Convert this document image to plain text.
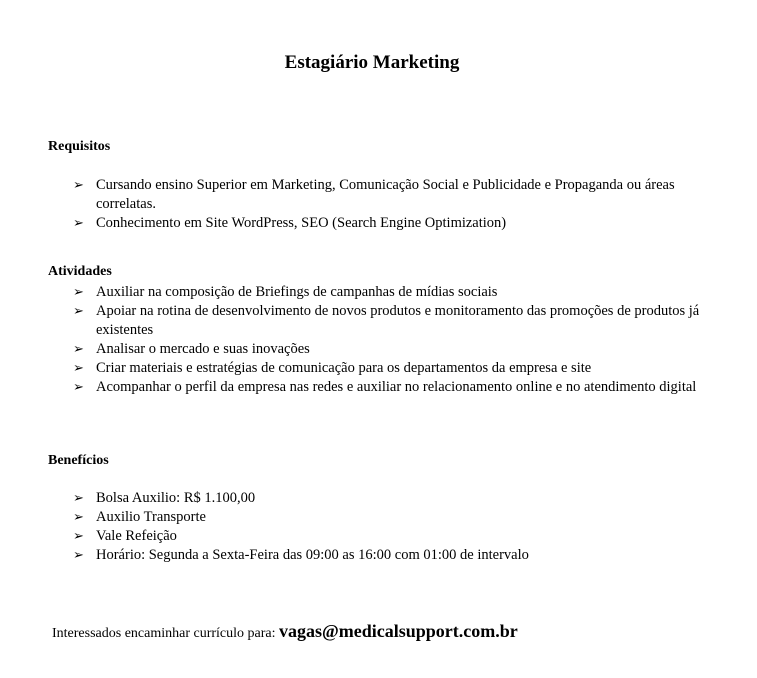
Estagiário Marketing
Requisitos
➢ Cursando ensino Superior em Marketing, Comunicação Social e Publicidade e Propaganda ou áreas correlatas.
➢ Conhecimento em Site WordPress, SEO (Search Engine Optimization)
Atividades
➢ Auxiliar na composição de Briefings de campanhas de mídias sociais
➢ Apoiar na rotina de desenvolvimento de novos produtos e monitoramento das promoções de produtos já existentes
➢ Analisar o mercado e suas inovações
➢ Criar materiais e estratégias de comunicação para os departamentos da empresa e site
➢ Acompanhar o perfil da empresa nas redes e auxiliar no relacionamento online e no atendimento digital
Benefícios
➢ Bolsa Auxilio: R$ 1.100,00
➢ Auxilio Transporte
➢ Vale Refeição
➢ Horário: Segunda a Sexta-Feira das 09:00 as 16:00 com 01:00 de intervalo
Interessados encaminhar currículo para: vagas@medicalsupport.com.br
